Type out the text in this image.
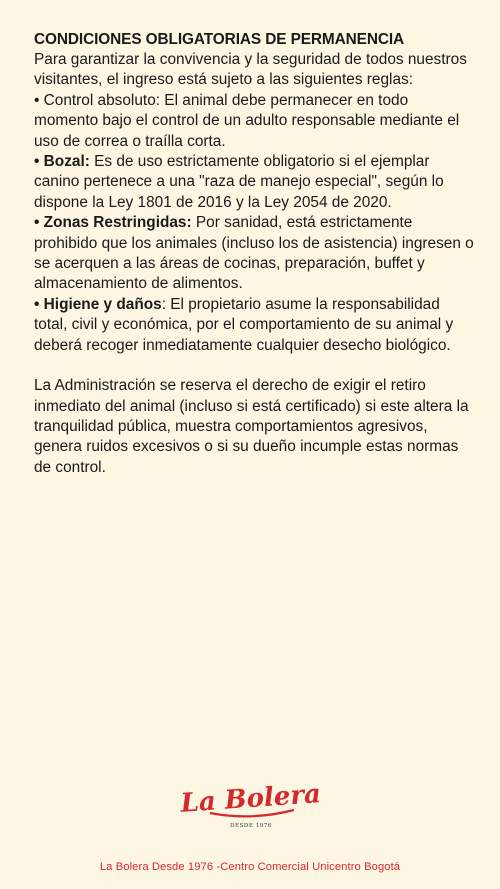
CONDICIONES OBLIGATORIAS DE PERMANENCIA

Para garantizar la convivencia y la seguridad de todos nuestros visitantes, el ingreso está sujeto a las siguientes reglas:

• Control absoluto: El animal debe permanecer en todo momento bajo el control de un adulto responsable mediante el uso de correa o traílla corta.

• Bozal: Es de uso estrictamente obligatorio si el ejemplar canino pertenece a una "raza de manejo especial", según lo dispone la Ley 1801 de 2016 y la Ley 2054 de 2020.

• Zonas Restringidas: Por sanidad, está estrictamente prohibido que los animales (incluso los de asistencia) ingresen o se acerquen a las áreas de cocinas, preparación, buffet y almacenamiento de alimentos.

• Higiene y daños: El propietario asume la responsabilidad total, civil y económica, por el comportamiento de su animal y deberá recoger inmediatamente cualquier desecho biológico.

La Administración se reserva el derecho de exigir el retiro inmediato del animal (incluso si está certificado) si este altera la tranquilidad pública, muestra comportamientos agresivos, genera ruidos excesivos o si su dueño incumple estas normas de control.

La Bolera
DESDE 1976
La Bolera Desde 1976 -Centro Comercial Unicentro Bogotá
